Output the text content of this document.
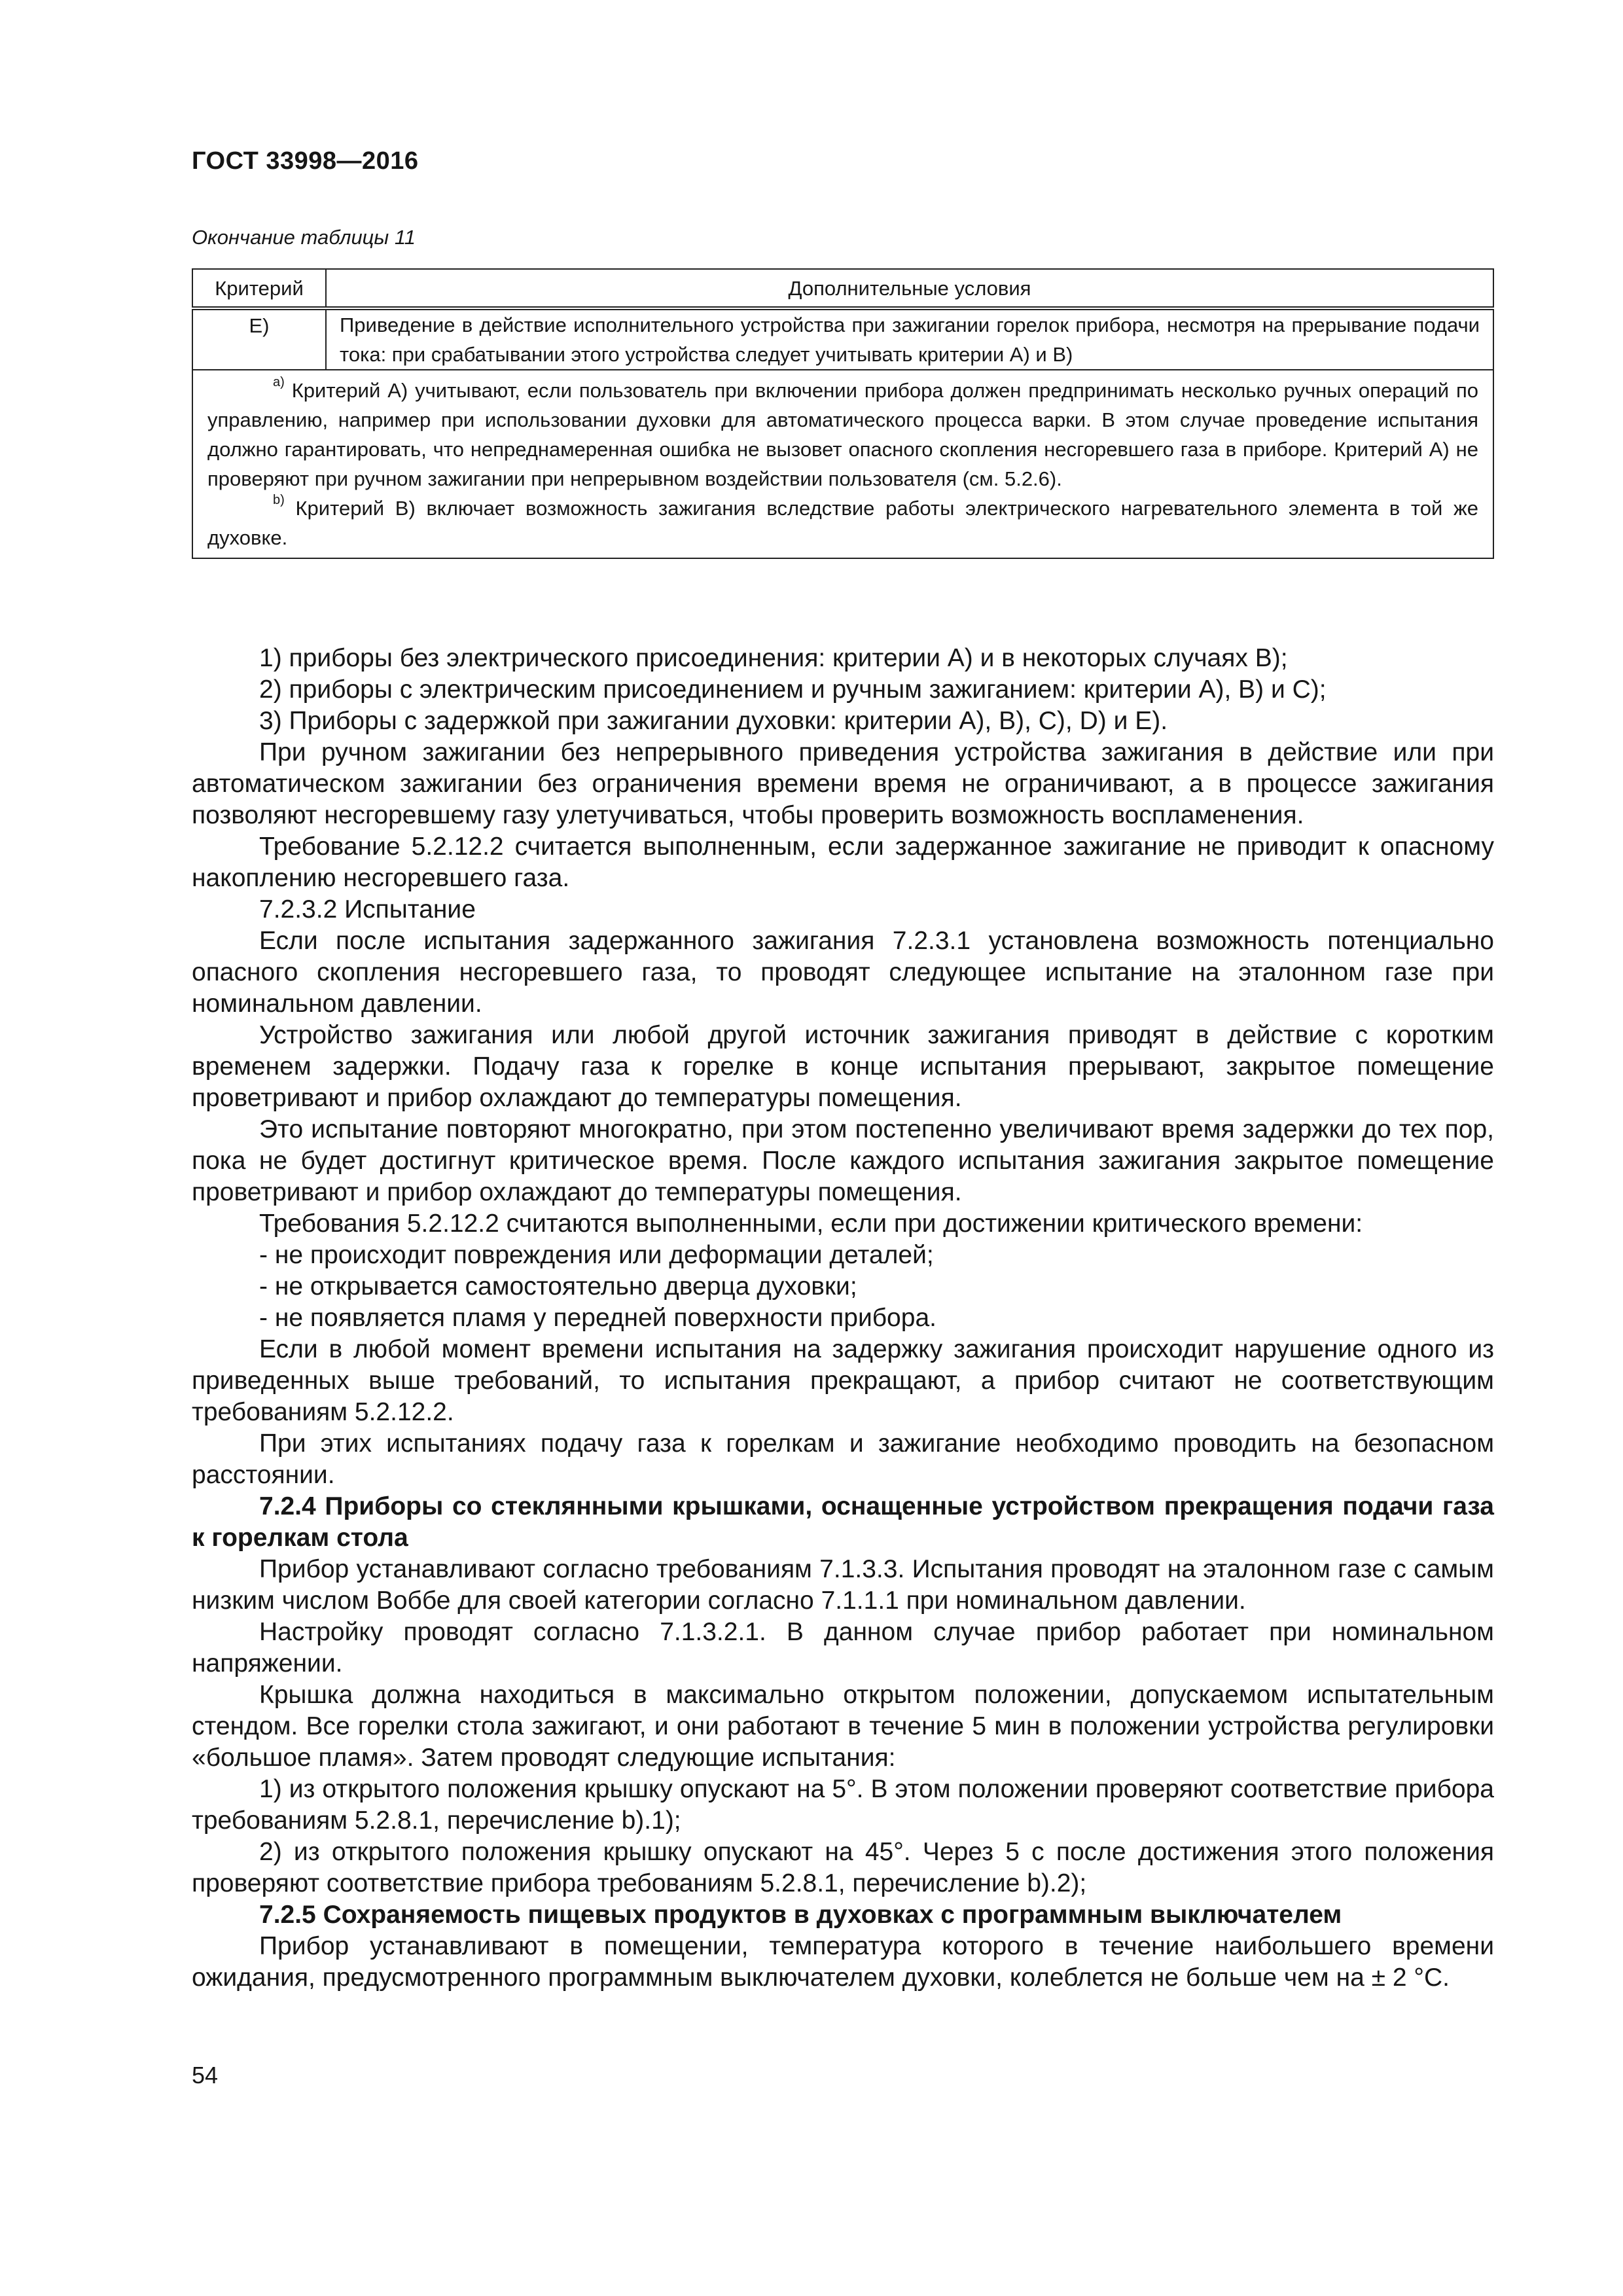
ГОСТ 33998—2016
Окончание таблицы 11
Критерий	Дополнительные условия
E)	Приведение в действие исполнительного устройства при зажигании горелок прибора, несмотря на прерывание подачи тока: при срабатывании этого устройства следует учитывать критерии А) и В)

$^{a)}$ Критерий А) учитывают, если пользователь при включении прибора должен предпринимать несколько ручных операций по управлению, например при использовании духовки для автоматического процесса варки. В этом случае проведение испытания должно гарантировать, что непреднамеренная ошибка не вызовет опасного скопления несгоревшего газа в приборе. Критерий А) не проверяют при ручном зажигании при непрерывном воздействии пользователя (см. 5.2.6).

$^{b)}$ Критерий В) включает возможность зажигания вследствие работы электрического нагревательного элемента в той же духовке.	

1) приборы без электрического присоединения: критерии А) и в некоторых случаях В);

2) приборы с электрическим присоединением и ручным зажиганием: критерии А), В) и С);

3) Приборы с задержкой при зажигании духовки: критерии А), В), С), D) и Е).

При ручном зажигании без непрерывного приведения устройства зажигания в действие или при автоматическом зажигании без ограничения времени время не ограничивают, а в процессе зажигания позволяют несгоревшему газу улетучиваться, чтобы проверить возможность воспламенения.

Требование 5.2.12.2 считается выполненным, если задержанное зажигание не приводит к опасному накоплению несгоревшего газа.

7.2.3.2 Испытание

Если после испытания задержанного зажигания 7.2.3.1 установлена возможность потенциально опасного скопления несгоревшего газа, то проводят следующее испытание на эталонном газе при номинальном давлении.

Устройство зажигания или любой другой источник зажигания приводят в действие с коротким временем задержки. Подачу газа к горелке в конце испытания прерывают, закрытое помещение проветривают и прибор охлаждают до температуры помещения.

Это испытание повторяют многократно, при этом постепенно увеличивают время задержки до тех пор, пока не будет достигнут критическое время. После каждого испытания зажигания закрытое помещение проветривают и прибор охлаждают до температуры помещения.

Требования 5.2.12.2 считаются выполненными, если при достижении критического времени:

- не происходит повреждения или деформации деталей;

- не открывается самостоятельно дверца духовки;

- не появляется пламя у передней поверхности прибора.

Если в любой момент времени испытания на задержку зажигания происходит нарушение одного из приведенных выше требований, то испытания прекращают, а прибор считают не соответствующим требованиям 5.2.12.2.

При этих испытаниях подачу газа к горелкам и зажигание необходимо проводить на безопасном расстоянии.

7.2.4 Приборы со стеклянными крышками, оснащенные устройством прекращения подачи газа к горелкам стола

Прибор устанавливают согласно требованиям 7.1.3.3. Испытания проводят на эталонном газе с самым низким числом Воббе для своей категории согласно 7.1.1.1 при номинальном давлении.

Настройку проводят согласно 7.1.3.2.1. В данном случае прибор работает при номинальном напряжении.

Крышка должна находиться в максимально открытом положении, допускаемом испытательным стендом. Все горелки стола зажигают, и они работают в течение 5 мин в положении устройства регулировки «большое пламя». Затем проводят следующие испытания:

1) из открытого положения крышку опускают на 5°. В этом положении проверяют соответствие прибора требованиям 5.2.8.1, перечисление b).1);

2) из открытого положения крышку опускают на 45°. Через 5 с после достижения этого положения проверяют соответствие прибора требованиям 5.2.8.1, перечисление b).2);

7.2.5 Сохраняемость пищевых продуктов в духовках с программным выключателем

Прибор устанавливают в помещении, температура которого в течение наибольшего времени ожидания, предусмотренного программным выключателем духовки, колеблется не больше чем на ± 2 °С.

54
